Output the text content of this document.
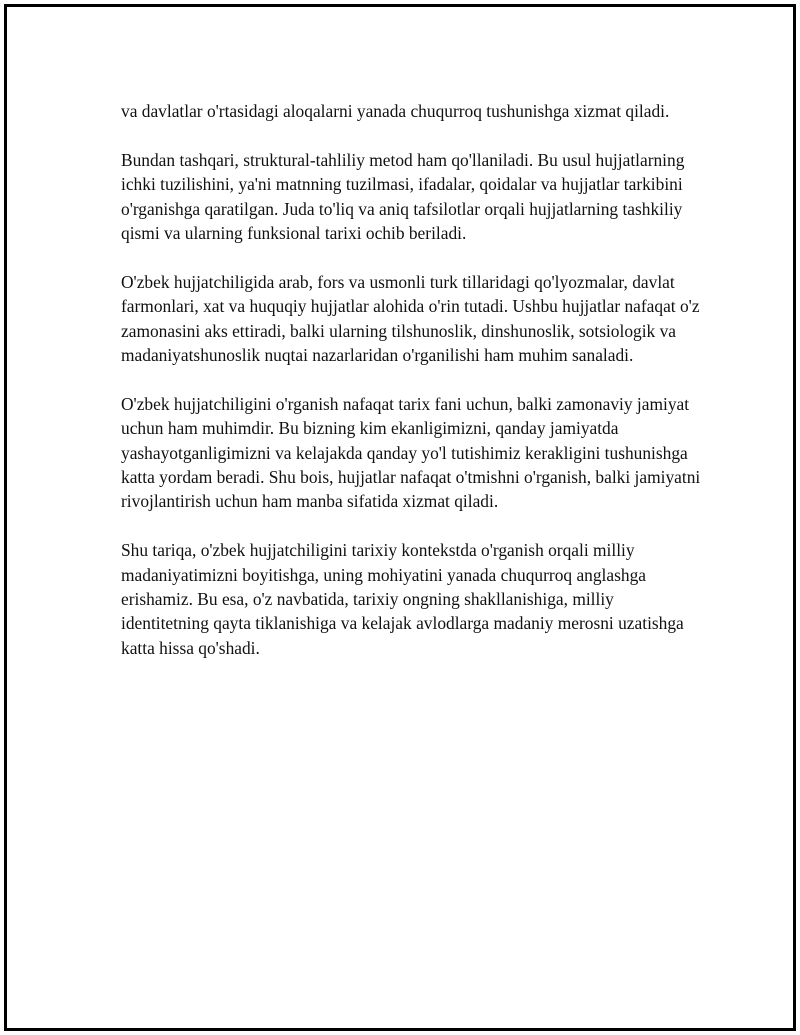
va davlatlar o'rtasidagi aloqalarni yanada chuqurroq tushunishga xizmat qiladi.

Bundan tashqari, struktural-tahliliy metod ham qo'llaniladi. Bu usul hujjatlarning ichki tuzilishini, ya'ni matnning tuzilmasi, ifadalar, qoidalar va hujjatlar tarkibini o'rganishga qaratilgan. Juda to'liq va aniq tafsilotlar orqali hujjatlarning tashkiliy qismi va ularning funksional tarixi ochib beriladi.

O'zbek hujjatchiligida arab, fors va usmonli turk tillaridagi qo'lyozmalar, davlat farmonlari, xat va huquqiy hujjatlar alohida o'rin tutadi. Ushbu hujjatlar nafaqat o'z zamonasini aks ettiradi, balki ularning tilshunoslik, dinshunoslik, sotsiologik va madaniyatshunoslik nuqtai nazarlaridan o'rganilishi ham muhim sanaladi.

O'zbek hujjatchiligini o'rganish nafaqat tarix fani uchun, balki zamonaviy jamiyat uchun ham muhimdir. Bu bizning kim ekanligimizni, qanday jamiyatda yashayotganligimizni va kelajakda qanday yo'l tutishimiz kerakligini tushunishga katta yordam beradi. Shu bois, hujjatlar nafaqat o'tmishni o'rganish, balki jamiyatni rivojlantirish uchun ham manba sifatida xizmat qiladi.

Shu tariqa, o'zbek hujjatchiligini tarixiy kontekstda o'rganish orqali milliy madaniyatimizni boyitishga, uning mohiyatini yanada chuqurroq anglashga erishamiz. Bu esa, o'z navbatida, tarixiy ongning shakllanishiga, milliy identitetning qayta tiklanishiga va kelajak avlodlarga madaniy merosni uzatishga katta hissa qo'shadi.
